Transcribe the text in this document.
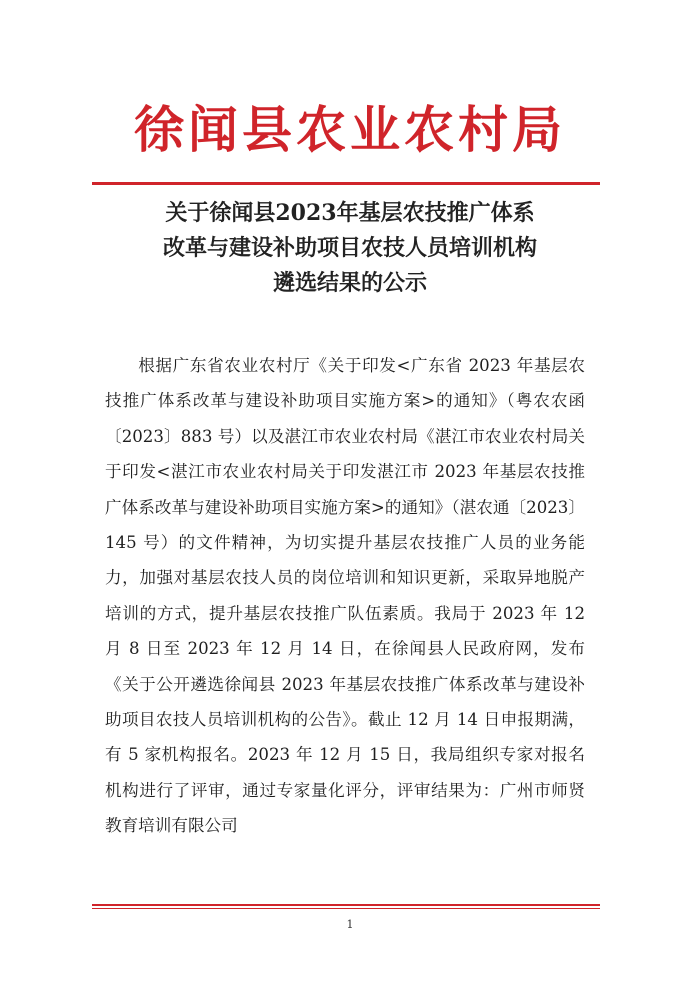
徐闻县农业农村局
关于徐闻县2023年基层农技推广体系
改革与建设补助项目农技人员培训机构
遴选结果的公示
根据广东省农业农村厅《关于印发<广东省 2023 年基层农技推广体系改革与建设补助项目实施方案>的通知》（粤农农函〔2023〕883 号）以及湛江市农业农村局《湛江市农业农村局关于印发<湛江市农业农村局关于印发湛江市 2023 年基层农技推广体系改革与建设补助项目实施方案>的通知》（湛农通〔2023〕145 号）的文件精神，为切实提升基层农技推广人员的业务能力，加强对基层农技人员的岗位培训和知识更新，采取异地脱产培训的方式，提升基层农技推广队伍素质。我局于 2023 年 12 月 8 日至 2023 年 12 月 14 日，在徐闻县人民政府网，发布《关于公开遴选徐闻县 2023 年基层农技推广体系改革与建设补助项目农技人员培训机构的公告》。截止 12 月 14 日申报期满，有 5 家机构报名。2023 年 12 月 15 日，我局组织专家对报名机构进行了评审，通过专家量化评分，评审结果为：广州市师贤教育培训有限公司
1
